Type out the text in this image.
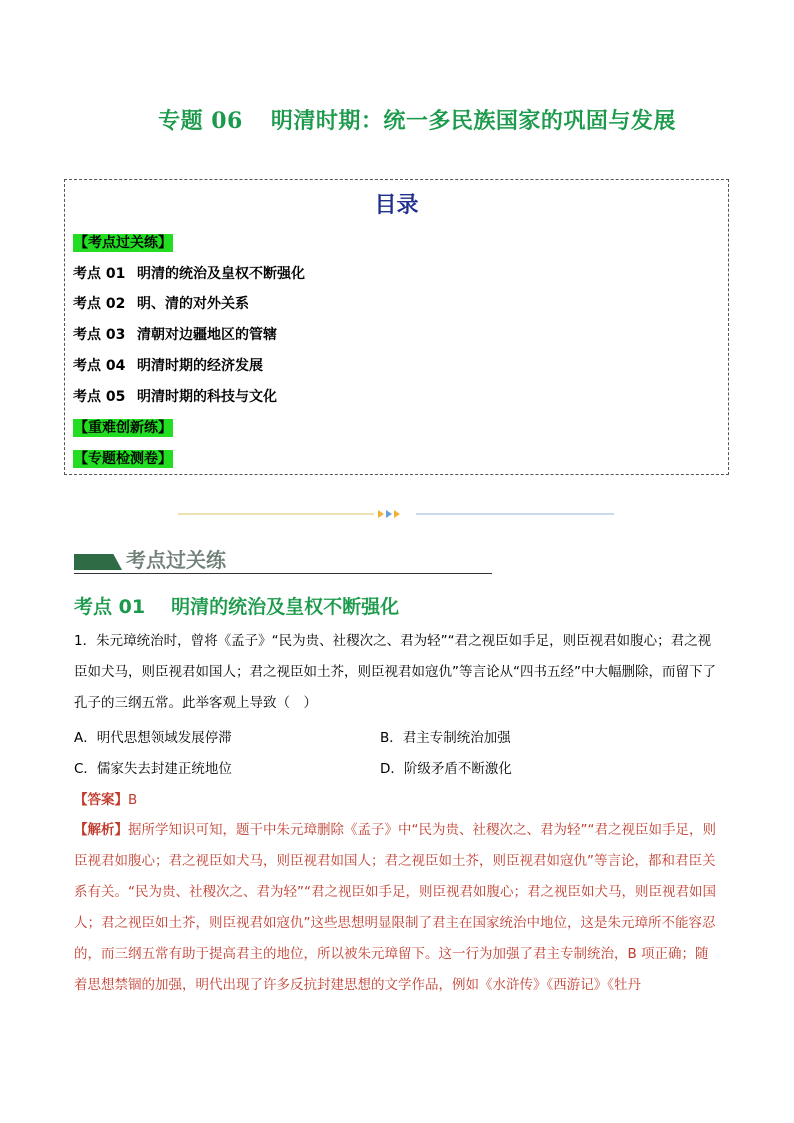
专题 06 明清时期：统一多民族国家的巩固与发展
目录
【考点过关练】
考点 01 明清的统治及皇权不断强化
考点 02 明、清的对外关系
考点 03 清朝对边疆地区的管辖
考点 04 明清时期的经济发展
考点 05 明清时期的科技与文化
【重难创新练】
【专题检测卷】
考点过关练
考点 01 明清的统治及皇权不断强化
1．朱元璋统治时，曾将《孟子》“民为贵、社稷次之、君为轻”“君之视臣如手足，则臣视君如腹心；君之视臣如犬马，则臣视君如国人；君之视臣如土芥，则臣视君如寇仇”等言论从“四书五经”中大幅删除，而留下了孔子的三纲五常。此举客观上导致（　）
A．明代思想领域发展停滞	B．君主专制统治加强
C．儒家失去封建正统地位	D．阶级矛盾不断激化
【答案】B
【解析】据所学知识可知，题干中朱元璋删除《孟子》中“民为贵、社稷次之、君为轻”“君之视臣如手足，则臣视君如腹心；君之视臣如犬马，则臣视君如国人；君之视臣如土芥，则臣视君如寇仇”等言论，都和君臣关系有关。“民为贵、社稷次之、君为轻”“君之视臣如手足，则臣视君如腹心；君之视臣如犬马，则臣视君如国人；君之视臣如土芥，则臣视君如寇仇”这些思想明显限制了君主在国家统治中地位，这是朱元璋所不能容忍的，而三纲五常有助于提高君主的地位，所以被朱元璋留下。这一行为加强了君主专制统治，B 项正确；随着思想禁锢的加强，明代出现了许多反抗封建思想的文学作品，例如《水浒传》《西游记》《牡丹
